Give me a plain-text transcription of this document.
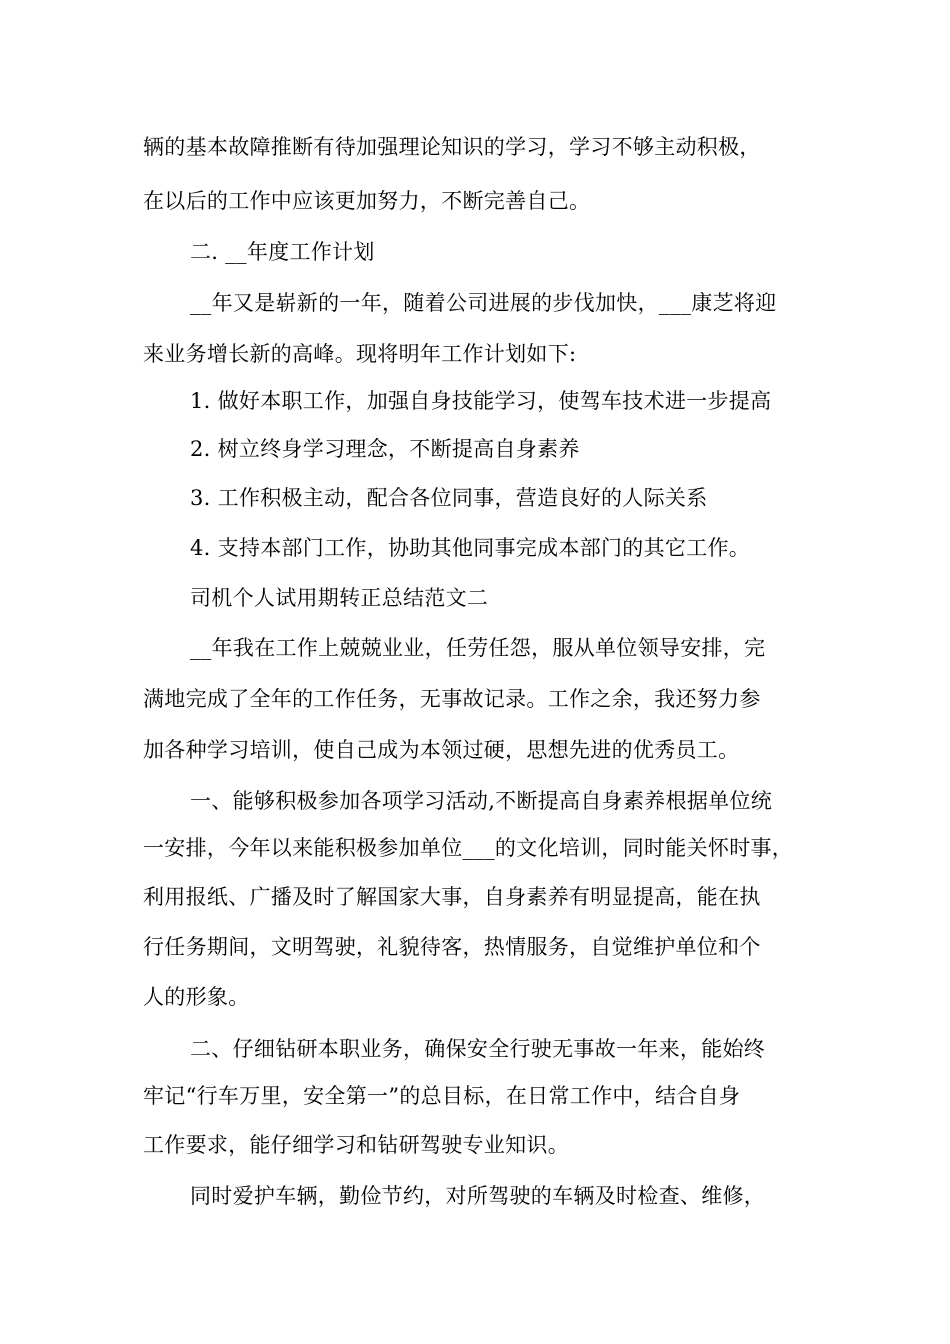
辆的基本故障推断有待加强理论知识的学习，学习不够主动积极，
在以后的工作中应该更加努力，不断完善自己。
二. __年度工作计划
__年又是崭新的一年，随着公司进展的步伐加快，___康芝将迎
来业务增长新的高峰。现将明年工作计划如下:
1. 做好本职工作，加强自身技能学习，使驾车技术进一步提高
2. 树立终身学习理念，不断提高自身素养
3. 工作积极主动，配合各位同事，营造良好的人际关系
4. 支持本部门工作，协助其他同事完成本部门的其它工作。
司机个人试用期转正总结范文二
__年我在工作上兢兢业业，任劳任怨，服从单位领导安排，完
满地完成了全年的工作任务，无事故记录。工作之余，我还努力参
加各种学习培训，使自己成为本领过硬，思想先进的优秀员工。
一、能够积极参加各项学习活动,不断提高自身素养根据单位统
一安排，今年以来能积极参加单位___的文化培训，同时能关怀时事，
利用报纸、广播及时了解国家大事，自身素养有明显提高，能在执
行任务期间，文明驾驶，礼貌待客，热情服务，自觉维护单位和个
人的形象。
二、仔细钻研本职业务，确保安全行驶无事故一年来，能始终
牢记“行车万里，安全第一”的总目标，在日常工作中，结合自身
工作要求，能仔细学习和钻研驾驶专业知识。
同时爱护车辆，勤俭节约，对所驾驶的车辆及时检查、维修，
